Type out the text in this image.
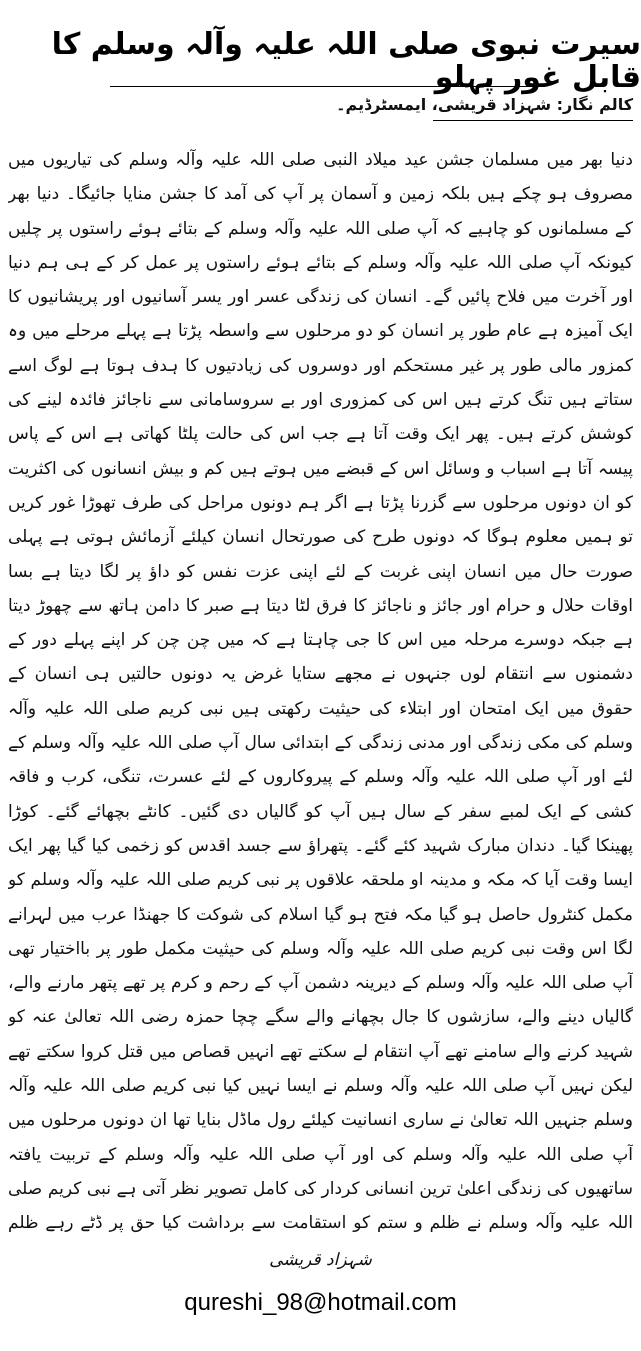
سیرت نبوی صلی اللہ علیہ وآلہ وسلم کا قابل غور پہلو
کالم نگار: شہزاد قریشی، ایمسٹرڈیم۔

دنیا بھر میں مسلمان جشن عید میلاد النبی صلی اللہ علیہ وآلہ وسلم کی تیاریوں میں مصروف ہو چکے ہیں بلکہ زمین و آسمان پر آپ کی آمد کا جشن منایا جائیگا۔ دنیا بھر کے مسلمانوں کو چاہیے کہ آپ صلی اللہ علیہ وآلہ وسلم کے بتائے ہوئے راستوں پر چلیں کیونکہ آپ صلی اللہ علیہ وآلہ وسلم کے بتائے ہوئے راستوں پر عمل کر کے ہی ہم دنیا اور آخرت میں فلاح پائیں گے۔ انسان کی زندگی عسر اور یسر آسانیوں اور پریشانیوں کا ایک آمیزہ ہے عام طور پر انسان کو دو مرحلوں سے واسطہ پڑتا ہے پہلے مرحلے میں وہ کمزور مالی طور پر غیر مستحکم اور دوسروں کی زیادتیوں کا ہدف ہوتا ہے لوگ اسے ستاتے ہیں تنگ کرتے ہیں اس کی کمزوری اور بے سروسامانی سے ناجائز فائدہ لینے کی کوشش کرتے ہیں۔ پھر ایک وقت آتا ہے جب اس کی حالت پلٹا کھاتی ہے اس کے پاس پیسہ آتا ہے اسباب و وسائل اس کے قبضے میں ہوتے ہیں کم و بیش انسانوں کی اکثریت کو ان دونوں مرحلوں سے گزرنا پڑتا ہے اگر ہم دونوں مراحل کی طرف تھوڑا غور کریں تو ہمیں معلوم ہوگا کہ دونوں طرح کی صورتحال انسان کیلئے آزمائش ہوتی ہے پہلی صورت حال میں انسان اپنی غربت کے لئے اپنی عزت نفس کو داؤ پر لگا دیتا ہے بسا اوقات حلال و حرام اور جائز و ناجائز کا فرق لٹا دیتا ہے صبر کا دامن ہاتھ سے چھوڑ دیتا ہے جبکہ دوسرے مرحلہ میں اس کا جی چاہتا ہے کہ میں چن چن کر اپنے پہلے دور کے دشمنوں سے انتقام لوں جنہوں نے مجھے ستایا غرض یہ دونوں حالتیں ہی انسان کے حقوق میں ایک امتحان اور ابتلاء کی حیثیت رکھتی ہیں نبی کریم صلی اللہ علیہ وآلہ وسلم کی مکی زندگی اور مدنی زندگی کے ابتدائی سال آپ صلی اللہ علیہ وآلہ وسلم کے لئے اور آپ صلی اللہ علیہ وآلہ وسلم کے پیروکاروں کے لئے عسرت، تنگی، کرب و فاقہ کشی کے ایک لمبے سفر کے سال ہیں آپ کو گالیاں دی گئیں۔ کانٹے بچھائے گئے۔ کوڑا پھینکا گیا۔ دندان مبارک شہید کئے گئے۔ پتھراؤ سے جسد اقدس کو زخمی کیا گیا پھر ایک ایسا وقت آیا کہ مکہ و مدینہ او ملحقہ علاقوں پر نبی کریم صلی اللہ علیہ وآلہ وسلم کو مکمل کنٹرول حاصل ہو گیا مکہ فتح ہو گیا اسلام کی شوکت کا جھنڈا عرب میں لہرانے لگا اس وقت نبی کریم صلی اللہ علیہ وآلہ وسلم کی حیثیت مکمل طور پر بااختیار تھی آپ صلی اللہ علیہ وآلہ وسلم کے دیرینہ دشمن آپ کے رحم و کرم پر تھے پتھر مارنے والے، گالیاں دینے والے، سازشوں کا جال بچھانے والے سگے چچا حمزہ رضی اللہ تعالیٰ عنہ کو شہید کرنے والے سامنے تھے آپ انتقام لے سکتے تھے انہیں قصاص میں قتل کروا سکتے تھے لیکن نہیں آپ صلی اللہ علیہ وآلہ وسلم نے ایسا نہیں کیا نبی کریم صلی اللہ علیہ وآلہ وسلم جنہیں اللہ تعالیٰ نے ساری انسانیت کیلئے رول ماڈل بنایا تھا ان دونوں مرحلوں میں آپ صلی اللہ علیہ وآلہ وسلم کی اور آپ صلی اللہ علیہ وآلہ وسلم کے تربیت یافتہ ساتھیوں کی زندگی اعلیٰ ترین انسانی کردار کی کامل تصویر نظر آتی ہے نبی کریم صلی اللہ علیہ وآلہ وسلم نے ظلم و ستم کو استقامت سے برداشت کیا حق پر ڈٹے رہے ظلم

شہزاد قریشی
qureshi_98@hotmail.com
